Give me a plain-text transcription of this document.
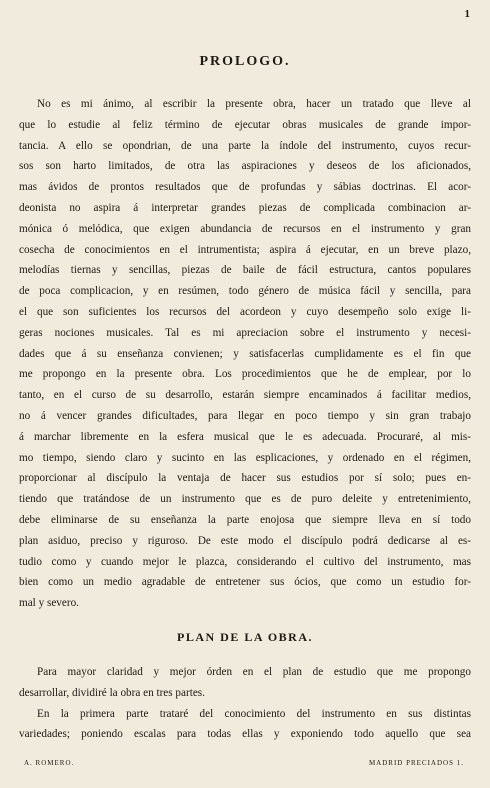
1
PROLOGO.
No es mi ánimo, al escribir la presente obra, hacer un tratado que lleve al
que lo estudie al feliz término de ejecutar obras musicales de grande impor-
tancia. A ello se opondrian, de una parte la índole del instrumento, cuyos recur-
sos son harto limitados, de otra las aspiraciones y deseos de los aficionados,
mas ávidos de prontos resultados que de profundas y sábias doctrinas. El acor-
deonista no aspira á interpretar grandes piezas de complicada combinacion ar-
mónica ó melódica, que exigen abundancia de recursos en el instrumento y gran
cosecha de conocimientos en el intrumentista; aspira á ejecutar, en un breve plazo,
melodías tiernas y sencillas, piezas de baile de fácil estructura, cantos populares
de poca complicacion, y en resúmen, todo género de música fácil y sencilla, para
el que son suficientes los recursos del acordeon y cuyo desempeño solo exige li-
geras nociones musicales. Tal es mi apreciacion sobre el instrumento y necesi-
dades que á su enseñanza convienen; y satisfacerlas cumplidamente es el fin que
me propongo en la presente obra. Los procedimientos que he de emplear, por lo
tanto, en el curso de su desarrollo, estarán siempre encaminados á facilitar medios,
no á vencer grandes dificultades, para llegar en poco tiempo y sin gran trabajo
á marchar libremente en la esfera musical que le es adecuada. Procuraré, al mis-
mo tiempo, siendo claro y sucinto en las esplicaciones, y ordenado en el régimen,
proporcionar al discípulo la ventaja de hacer sus estudios por sí solo; pues en-
tiendo que tratándose de un instrumento que es de puro deleite y entretenimiento,
debe eliminarse de su enseñanza la parte enojosa que siempre lleva en sí todo
plan asiduo, preciso y riguroso. De este modo el discípulo podrá dedicarse al es-
tudio como y cuando mejor le plazca, considerando el cultivo del instrumento, mas
bien como un medio agradable de entretener sus ócios, que como un estudio for-
mal y severo.
PLAN DE LA OBRA.
Para mayor claridad y mejor órden en el plan de estudio que me propongo
desarrollar, dividiré la obra en tres partes.
En la primera parte trataré del conocimiento del instrumento en sus distintas
variedades; poniendo escalas para todas ellas y exponiendo todo aquello que sea
A. ROMERO.	MADRID PRECIADOS 1.
